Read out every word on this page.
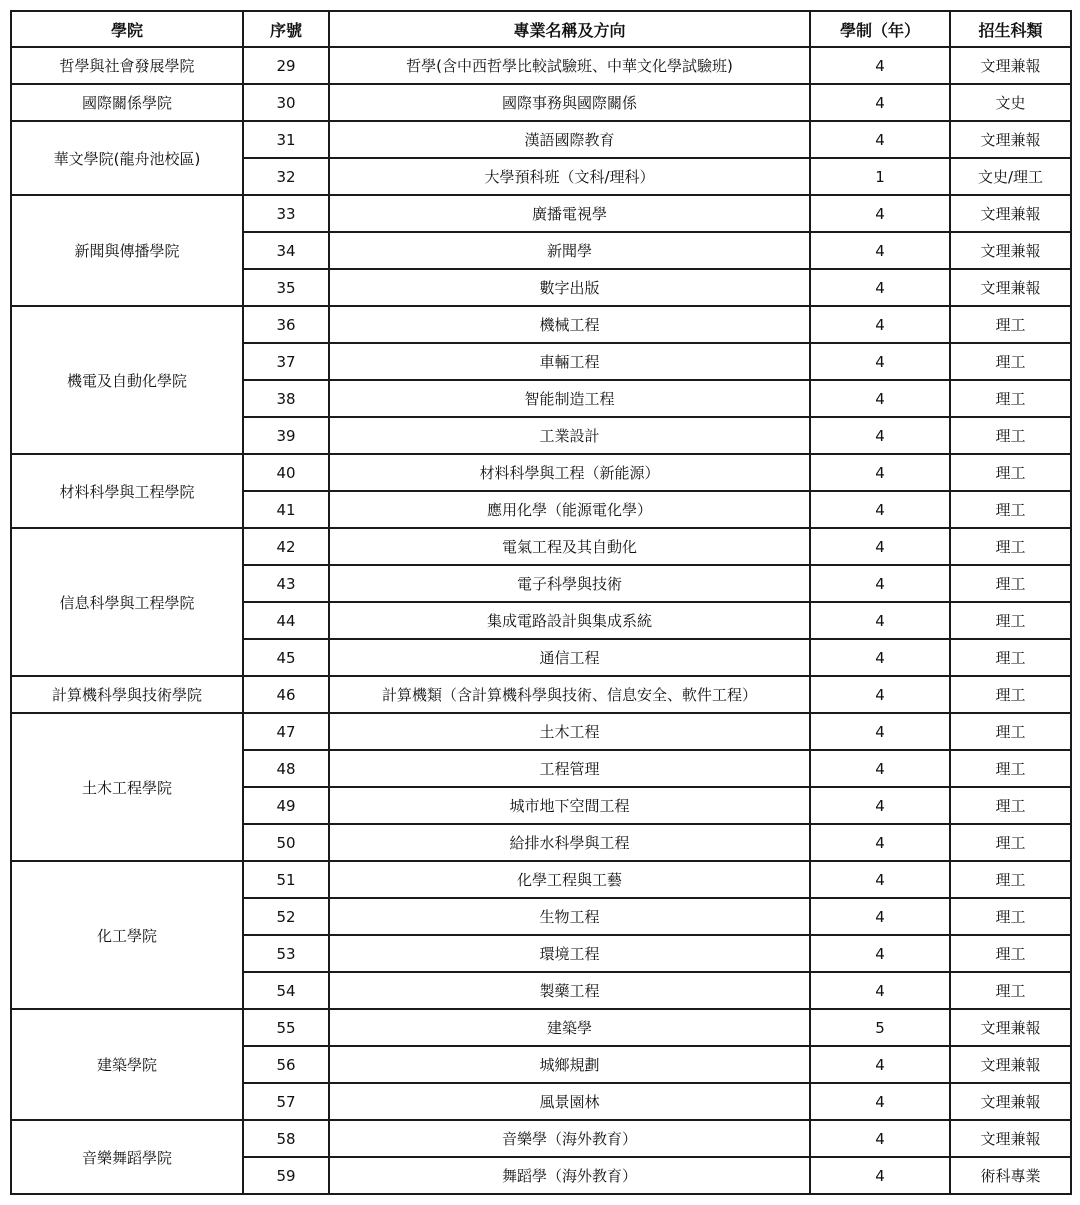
學院	序號	專業名稱及方向	學制（年）	招生科類
哲學與社會發展學院	29	哲學(含中西哲學比較試驗班、中華文化學試驗班)	4	文理兼報
國際關係學院	30	國際事務與國際關係	4	文史
華文學院(龍舟池校區)	31	漢語國際教育	4	文理兼報
	32	大學預科班（文科/理科）	1	文史/理工
新聞與傳播學院	33	廣播電視學	4	文理兼報
	34	新聞學	4	文理兼報
	35	數字出版	4	文理兼報
機電及自動化學院	36	機械工程	4	理工
	37	車輛工程	4	理工
	38	智能制造工程	4	理工
	39	工業設計	4	理工
材料科學與工程學院	40	材料科學與工程（新能源）	4	理工
	41	應用化學（能源電化學）	4	理工
信息科學與工程學院	42	電氣工程及其自動化	4	理工
	43	電子科學與技術	4	理工
	44	集成電路設計與集成系統	4	理工
	45	通信工程	4	理工
計算機科學與技術學院	46	計算機類（含計算機科學與技術、信息安全、軟件工程）	4	理工
土木工程學院	47	土木工程	4	理工
	48	工程管理	4	理工
	49	城市地下空間工程	4	理工
	50	給排水科學與工程	4	理工
化工學院	51	化學工程與工藝	4	理工
	52	生物工程	4	理工
	53	環境工程	4	理工
	54	製藥工程	4	理工
建築學院	55	建築學	5	文理兼報
	56	城鄉規劃	4	文理兼報
	57	風景園林	4	文理兼報
音樂舞蹈學院	58	音樂學（海外教育）	4	文理兼報
	59	舞蹈學（海外教育）	4	術科專業
